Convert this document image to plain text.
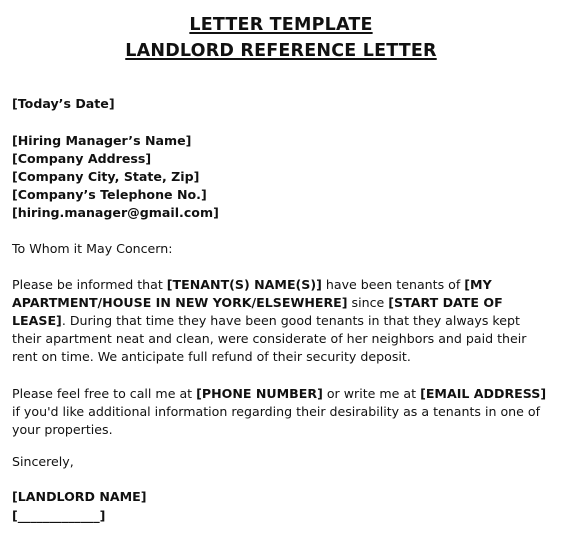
LETTER TEMPLATE
LANDLORD REFERENCE LETTER
[Today’s Date]
[Hiring Manager’s Name]
[Company Address]
[Company City, State, Zip]
[Company’s Telephone No.]
[hiring.manager@gmail.com]
To Whom it May Concern:
Please be informed that [TENANT(S) NAME(S)] have been tenants of [MY APARTMENT/HOUSE IN NEW YORK/ELSEWHERE] since [START DATE OF LEASE]. During that time they have been good tenants in that they always kept their apartment neat and clean, were considerate of her neighbors and paid their rent on time. We anticipate full refund of their security deposit.
Please feel free to call me at [PHONE NUMBER] or write me at [EMAIL ADDRESS] if you'd like additional information regarding their desirability as a tenants in one of your properties.
Sincerely,
[LANDLORD NAME]
[_____________]
